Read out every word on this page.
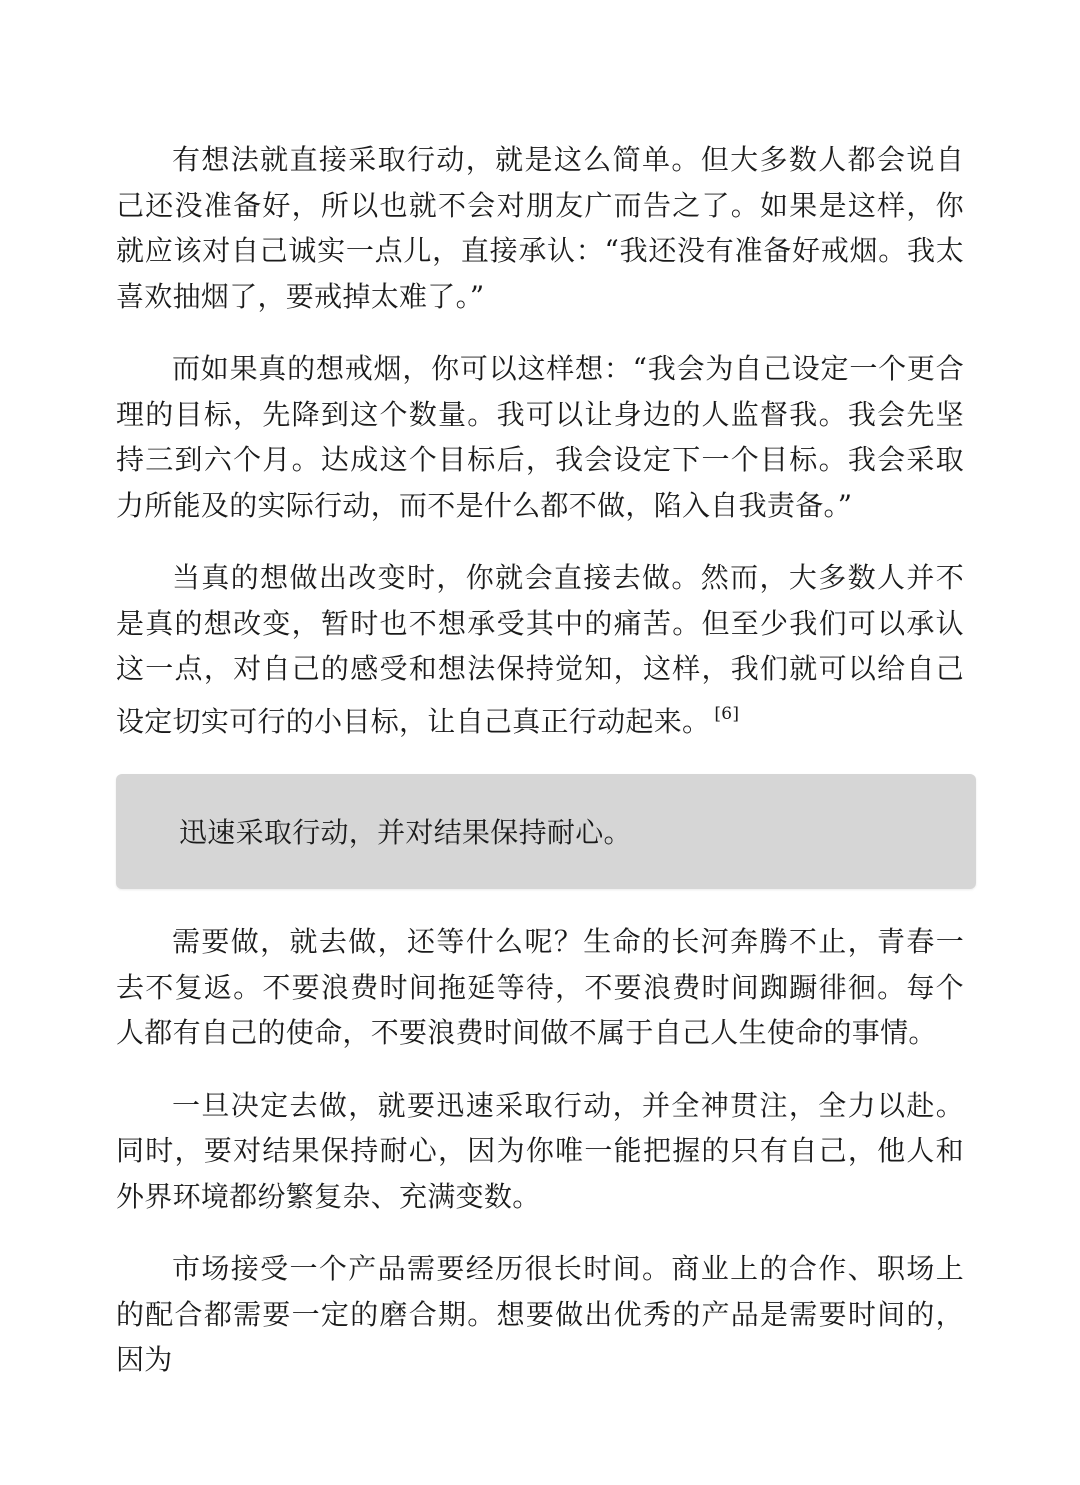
有想法就直接采取行动，就是这么简单。但大多数人都会说自己还没准备好，所以也就不会对朋友广而告之了。如果是这样，你就应该对自己诚实一点儿，直接承认：“我还没有准备好戒烟。我太喜欢抽烟了，要戒掉太难了。”

而如果真的想戒烟，你可以这样想：“我会为自己设定一个更合理的目标，先降到这个数量。我可以让身边的人监督我。我会先坚持三到六个月。达成这个目标后，我会设定下一个目标。我会采取力所能及的实际行动，而不是什么都不做，陷入自我责备。”

当真的想做出改变时，你就会直接去做。然而，大多数人并不是真的想改变，暂时也不想承受其中的痛苦。但至少我们可以承认这一点，对自己的感受和想法保持觉知，这样，我们就可以给自己设定切实可行的小目标，让自己真正行动起来。 [6]

迅速采取行动，并对结果保持耐心。

需要做，就去做，还等什么呢？生命的长河奔腾不止，青春一去不复返。不要浪费时间拖延等待，不要浪费时间踟蹰徘徊。每个人都有自己的使命，不要浪费时间做不属于自己人生使命的事情。

一旦决定去做，就要迅速采取行动，并全神贯注，全力以赴。同时，要对结果保持耐心，因为你唯一能把握的只有自己，他人和外界环境都纷繁复杂、充满变数。

市场接受一个产品需要经历很长时间。商业上的合作、职场上的配合都需要一定的磨合期。想要做出优秀的产品是需要时间的，因为
